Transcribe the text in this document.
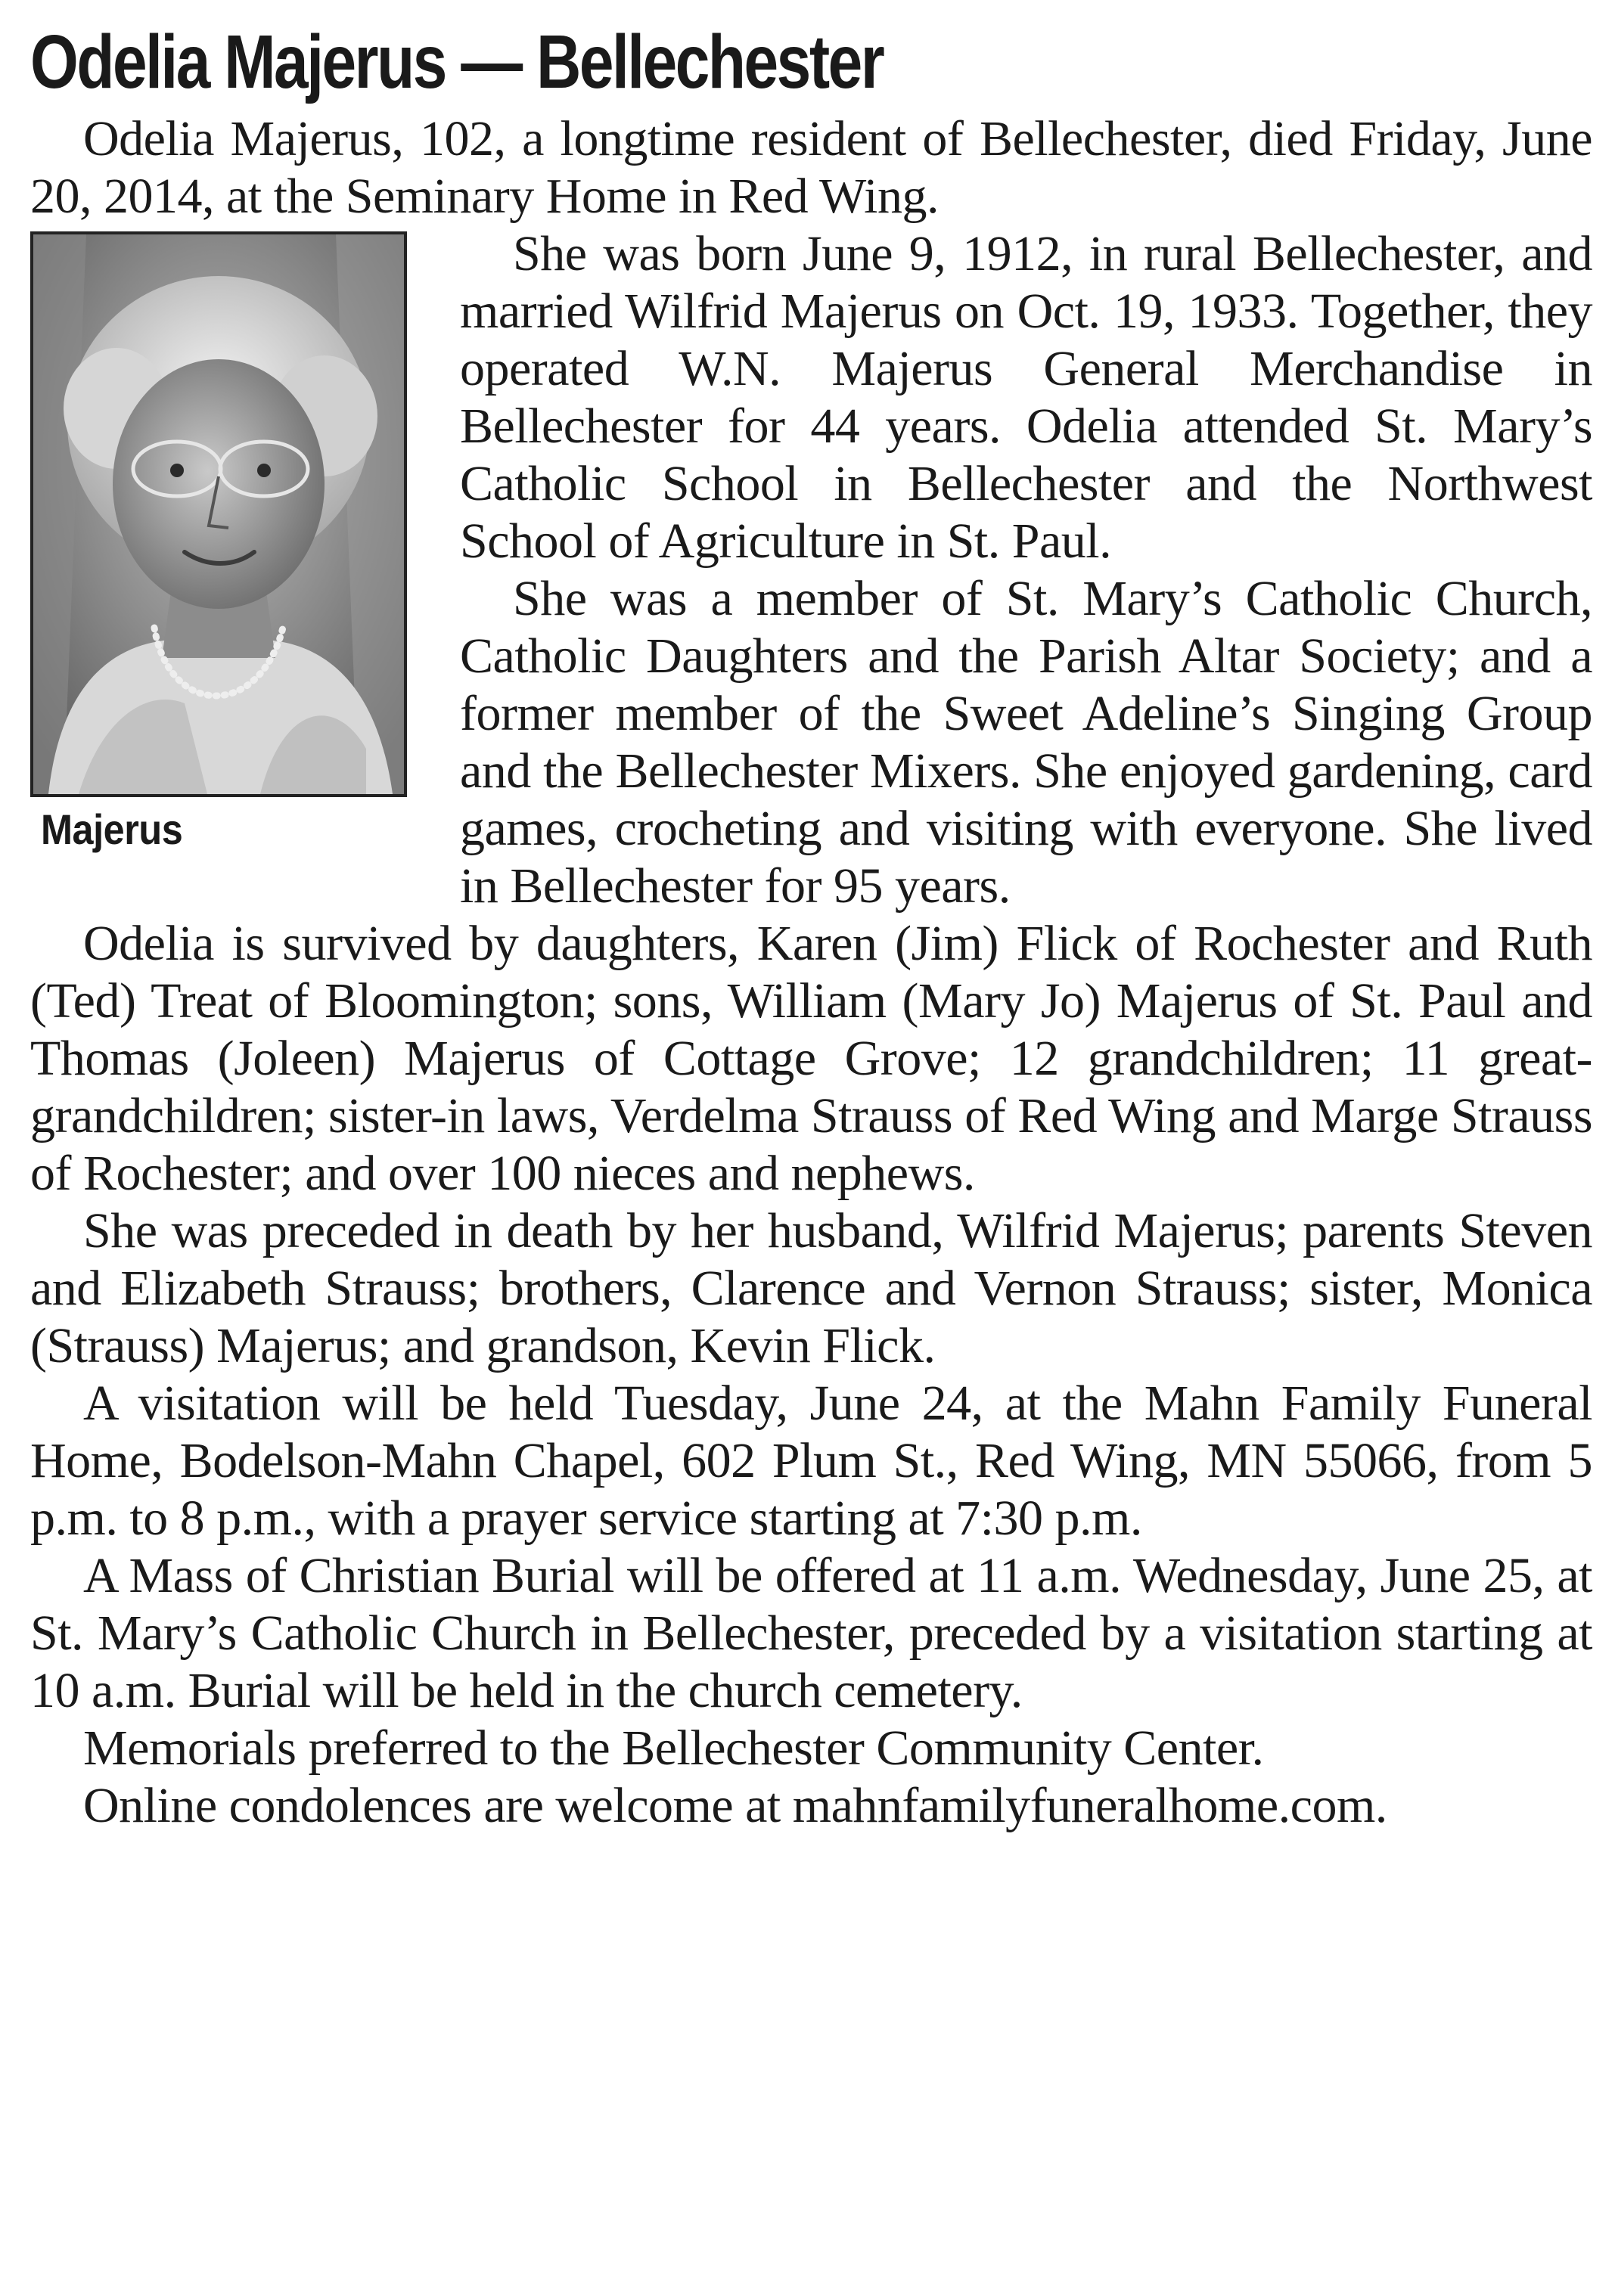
Odelia Majerus — Bellechester

Odelia Majerus, 102, a longtime resident of Bellechester, died Friday, June 20, 2014, at the Seminary Home in Red Wing.

Majerus

She was born June 9, 1912, in rural Bellechester, and married Wilfrid Majerus on Oct. 19, 1933. Together, they operated W.N. Majerus General Merchandise in Bellechester for 44 years. Odelia attended St. Mary’s Catholic School in Bellechester and the Northwest School of Agriculture in St. Paul.

She was a member of St. Mary’s Catholic Church, Catholic Daughters and the Parish Altar Society; and a former member of the Sweet Adeline’s Singing Group and the Bellechester Mixers. She enjoyed gardening, card games, crocheting and visiting with everyone. She lived in Bellechester for 95 years.

Odelia is survived by daughters, Karen (Jim) Flick of Rochester and Ruth (Ted) Treat of Bloomington; sons, William (Mary Jo) Majerus of St. Paul and Thomas (Joleen) Majerus of Cottage Grove; 12 grandchildren; 11 great-grandchildren; sister-in laws, Verdelma Strauss of Red Wing and Marge Strauss of Rochester; and over 100 nieces and nephews.

She was preceded in death by her husband, Wilfrid Majerus; parents Steven and Elizabeth Strauss; brothers, Clarence and Vernon Strauss; sister, Monica (Strauss) Majerus; and grandson, Kevin Flick.

A visitation will be held Tuesday, June 24, at the Mahn Family Funeral Home, Bodelson-Mahn Chapel, 602 Plum St., Red Wing, MN 55066, from 5 p.m. to 8 p.m., with a prayer service starting at 7:30 p.m.

A Mass of Christian Burial will be offered at 11 a.m. Wednesday, June 25, at St. Mary’s Catholic Church in Bellechester, preceded by a visitation starting at 10 a.m. Burial will be held in the church cemetery.

Memorials preferred to the Bellechester Community Center.

Online condolences are welcome at mahnfamilyfuneralhome.com.
